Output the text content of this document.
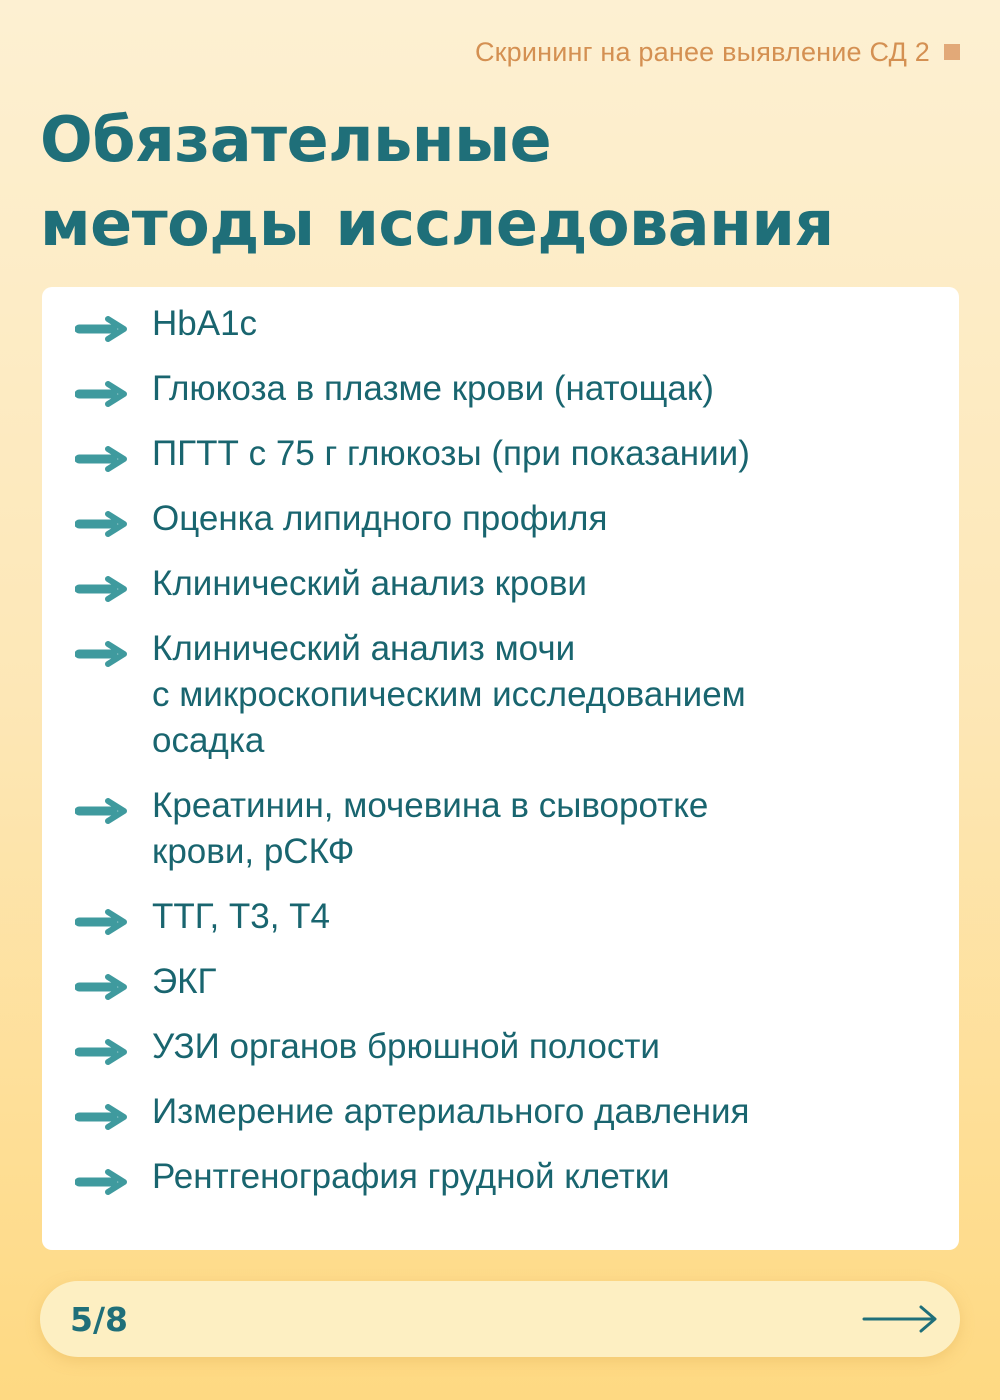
Скрининг на ранее выявление СД 2
Обязательные
методы исследования
HbA1c
Глюкоза в плазме крови (натощак)
ПГТТ с 75 г глюкозы (при показании)
Оценка липидного профиля
Клинический анализ крови
Клинический анализ мочи
с микроскопическим исследованием
осадка
Креатинин, мочевина в сыворотке
крови, рСКФ
ТТГ, Т3, Т4
ЭКГ
УЗИ органов брюшной полости
Измерение артериального давления
Рентгенография грудной клетки
5/8
